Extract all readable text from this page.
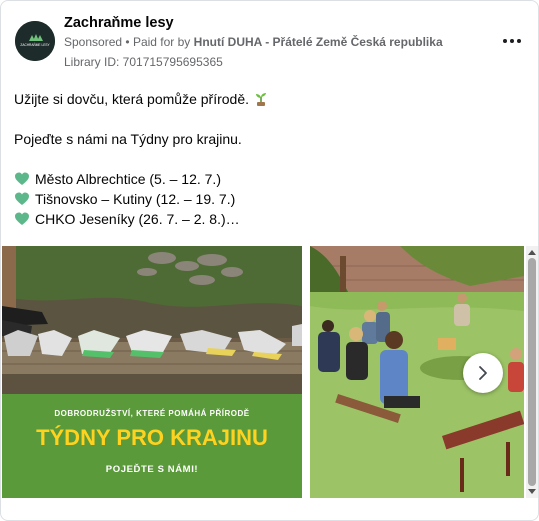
ZACHRAŇME LESY
Zachraňme lesy
Sponsored • Paid for by Hnutí DUHA - Přátelé Země Česká republika
Library ID: 701715795695365

Užijte si dovču, která pomůže přírodě.

Pojeďte s námi na Týdny pro krajinu.

Město Albrechtice (5. – 12. 7.)

Tišnovsko – Kutiny (12. – 19. 7.)

CHKO Jeseníky (26. 7. – 2. 8.)…

DOBRODRUŽSTVÍ, KTERÉ POMÁHÁ PŘÍRODĚ
TÝDNY PRO KRAJINU
POJEĎTE S NÁMI!
